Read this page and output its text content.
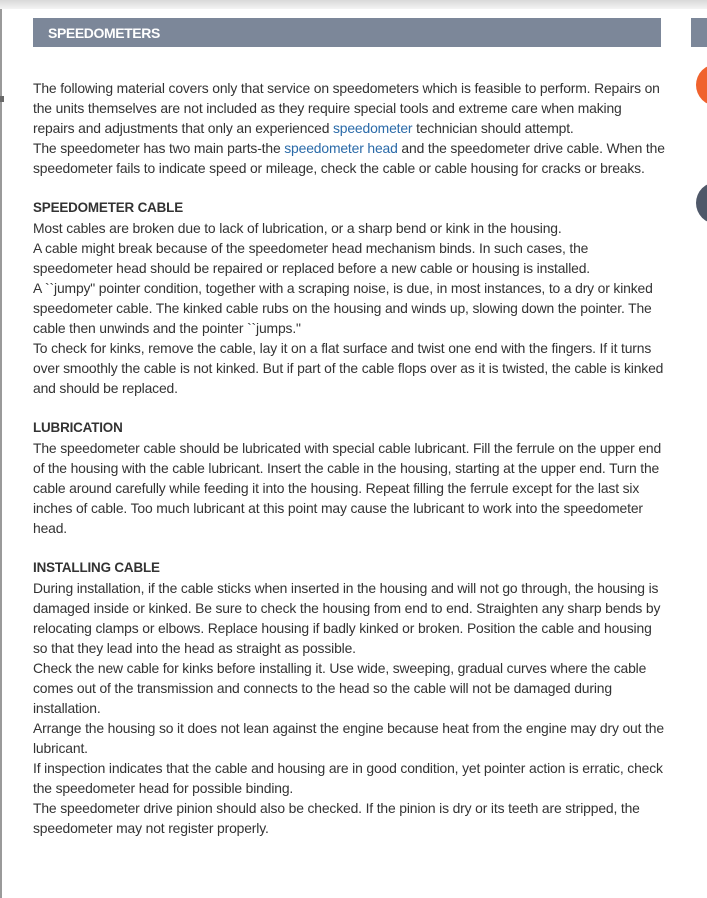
SPEEDOMETERS

The following material covers only that service on speedometers which is feasible to perform. Repairs on the units themselves are not included as they require special tools and extreme care when making repairs and adjustments that only an experienced speedometer technician should attempt.

The speedometer has two main parts-the speedometer head and the speedometer drive cable. When the speedometer fails to indicate speed or mileage, check the cable or cable housing for cracks or breaks.

SPEEDOMETER CABLE

Most cables are broken due to lack of lubrication, or a sharp bend or kink in the housing.

A cable might break because of the speedometer head mechanism binds. In such cases, the speedometer head should be repaired or replaced before a new cable or housing is installed.

A ``jumpy" pointer condition, together with a scraping noise, is due, in most instances, to a dry or kinked speedometer cable. The kinked cable rubs on the housing and winds up, slowing down the pointer. The cable then unwinds and the pointer ``jumps."

To check for kinks, remove the cable, lay it on a flat surface and twist one end with the fingers. If it turns over smoothly the cable is not kinked. But if part of the cable flops over as it is twisted, the cable is kinked and should be replaced.

LUBRICATION

The speedometer cable should be lubricated with special cable lubricant. Fill the ferrule on the upper end of the housing with the cable lubricant. Insert the cable in the housing, starting at the upper end. Turn the cable around carefully while feeding it into the housing. Repeat filling the ferrule except for the last six inches of cable. Too much lubricant at this point may cause the lubricant to work into the speedometer head.

INSTALLING CABLE

During installation, if the cable sticks when inserted in the housing and will not go through, the housing is damaged inside or kinked. Be sure to check the housing from end to end. Straighten any sharp bends by relocating clamps or elbows. Replace housing if badly kinked or broken. Position the cable and housing so that they lead into the head as straight as possible.

Check the new cable for kinks before installing it. Use wide, sweeping, gradual curves where the cable comes out of the transmission and connects to the head so the cable will not be damaged during installation.

Arrange the housing so it does not lean against the engine because heat from the engine may dry out the lubricant.

If inspection indicates that the cable and housing are in good condition, yet pointer action is erratic, check the speedometer head for possible binding.

The speedometer drive pinion should also be checked. If the pinion is dry or its teeth are stripped, the speedometer may not register properly.
